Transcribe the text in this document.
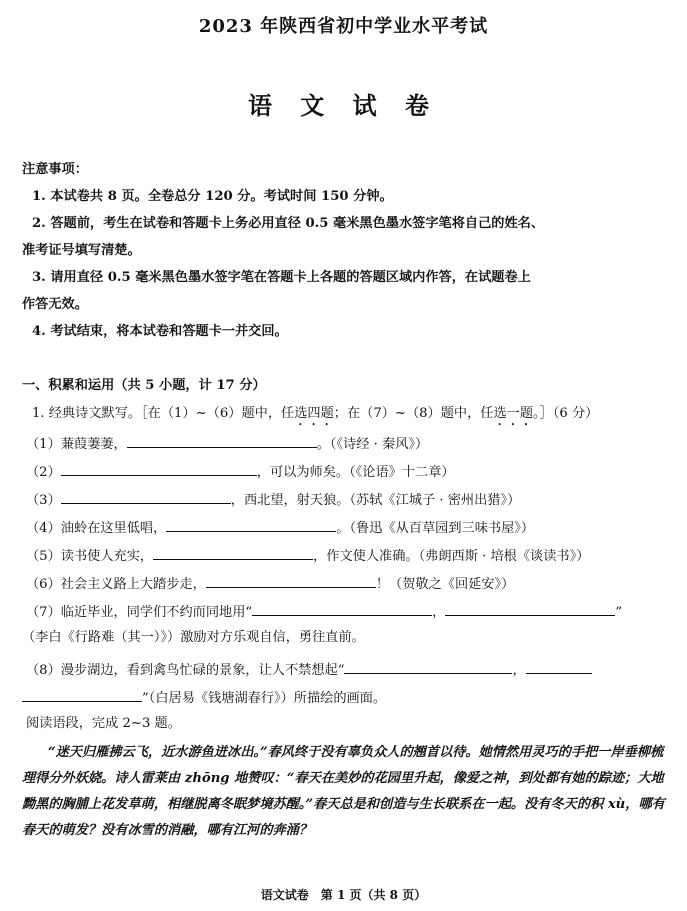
2023 年陕西省初中学业水平考试
语 文 试 卷

注意事项：

1. 本试卷共 8 页。全卷总分 120 分。考试时间 150 分钟。

2. 答题前，考生在试卷和答题卡上务必用直径 0.5 毫米黑色墨水签字笔将自己的姓名、

准考证号填写清楚。

3. 请用直径 0.5 毫米黑色墨水签字笔在答题卡上各题的答题区域内作答，在试题卷上

作答无效。

4. 考试结束，将本试卷和答题卡一并交回。

一、积累和运用（共 5 小题，计 17 分）
1. 经典诗文默写。［在（1）~（6）题中，任选四题；在（7）~（8）题中，任选一题。］（6 分）
（1）蒹葭萋萋，	。（《诗经 · 秦风》）
（2）	，可以为师矣。（《论语》十二章）
（3）	，西北望，射天狼。（苏轼《江城子 · 密州出猎》）
（4）油蛉在这里低唱，	。（鲁迅《从百草园到三味书屋》）
（5）读书使人充实，	，作文使人准确。（弗朗西斯 · 培根《谈读书》）
（6）社会主义路上大踏步走，	！（贺敬之《回延安》）
（7）临近毕业，同学们不约而同地用“	，	”
（李白《行路难（其一）》）激励对方乐观自信，勇往直前。
（8）漫步湖边，看到禽鸟忙碌的景象，让人不禁想起“	，
”（白居易《钱塘湖春行》）所描绘的画面。
阅读语段，完成 2~3 题。

“迷天归雁拂云飞，近水游鱼迸冰出。”春风终于没有辜负众人的翘首以待。她情然用灵巧的手把一岸垂柳梳理得分外妖娆。诗人雷莱由 zhōng 地赞叹：“春天在美妙的花园里升起，像爱之神，到处都有她的踪迹；大地黝黑的胸脯上花发草萌，相继脱离冬眠梦境苏醒。”春天总是和创造与生长联系在一起。没有冬天的积 xù，哪有春天的萌发？没有冰雪的消融，哪有江河的奔涌？

语文试卷　第 1 页（共 8 页）
